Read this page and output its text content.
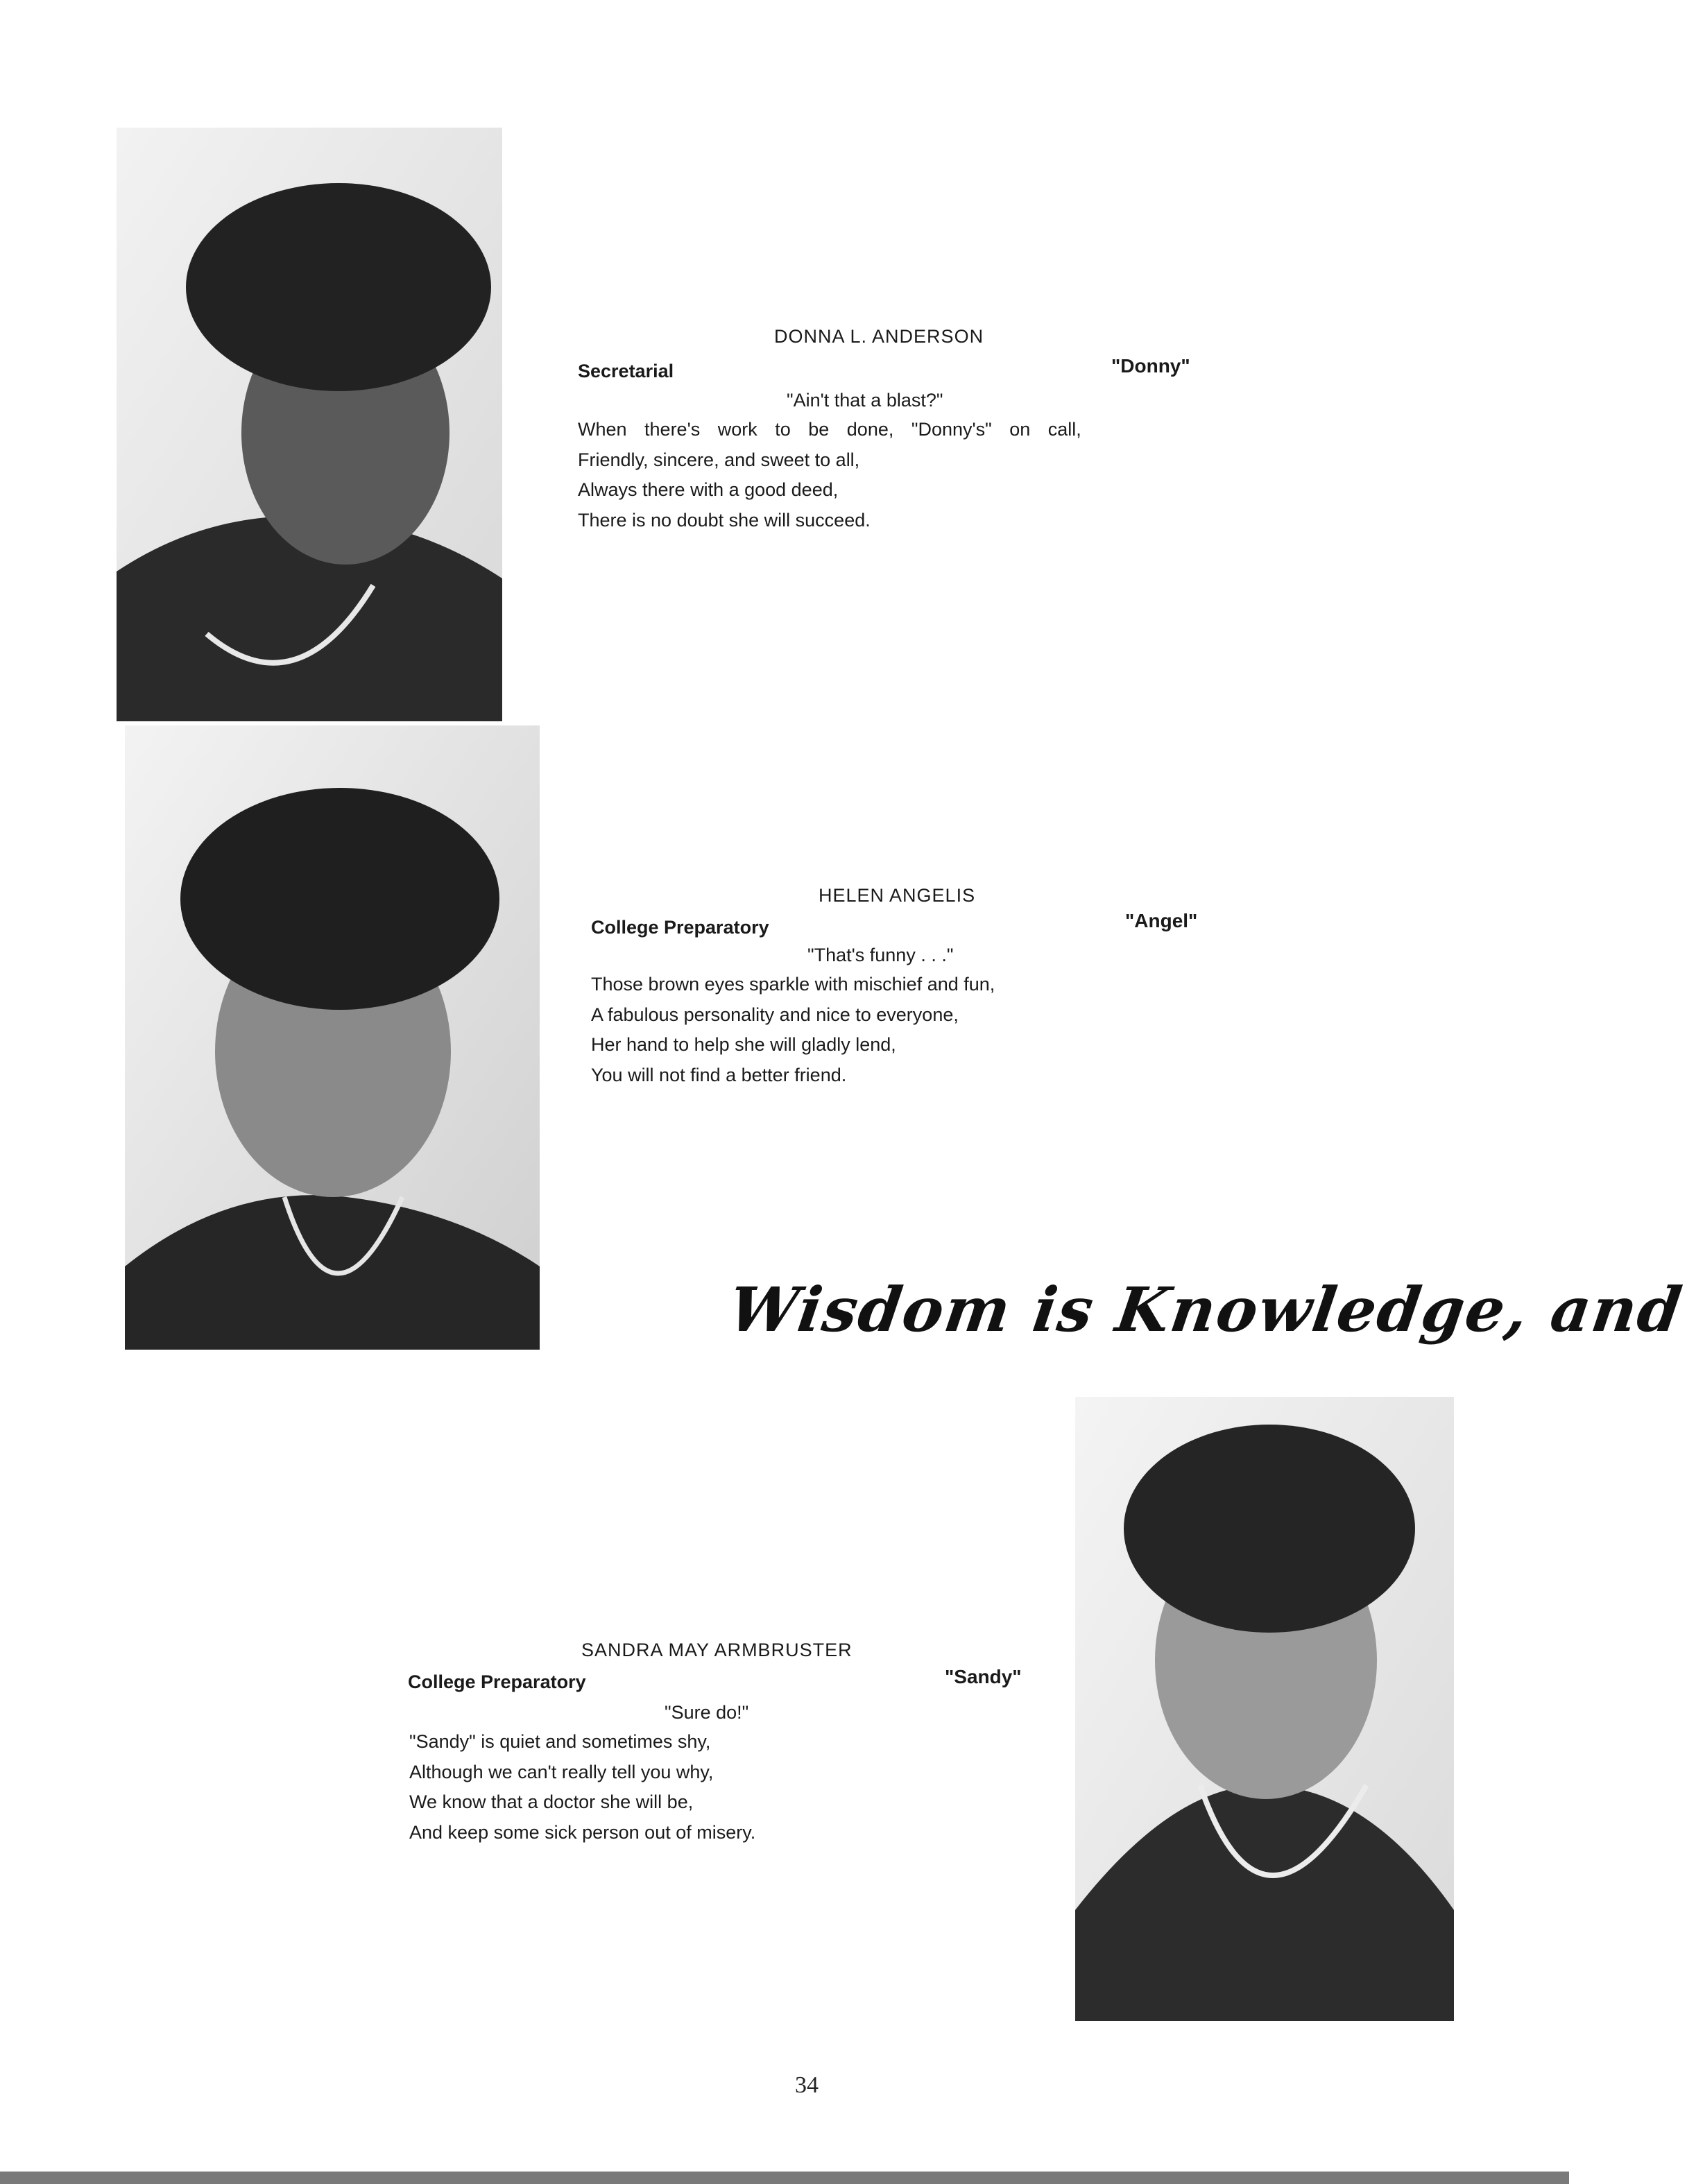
DONNA L. ANDERSON
Secretarial	"Donny"
"Ain't that a blast?"
When there's work to be done, "Donny's" on call,
Friendly, sincere, and sweet to all,
Always there with a good deed,
There is no doubt she will succeed.
HELEN ANGELIS
College Preparatory	"Angel"
"That's funny . . ."
Those brown eyes sparkle with mischief and fun,
A fabulous personality and nice to everyone,
Her hand to help she will gladly lend,
You will not find a better friend.
Wisdom is Knowledge, and
SANDRA MAY ARMBRUSTER
College Preparatory	"Sandy"
"Sure do!"
"Sandy" is quiet and sometimes shy,
Although we can't really tell you why,
We know that a doctor she will be,
And keep some sick person out of misery.
34
